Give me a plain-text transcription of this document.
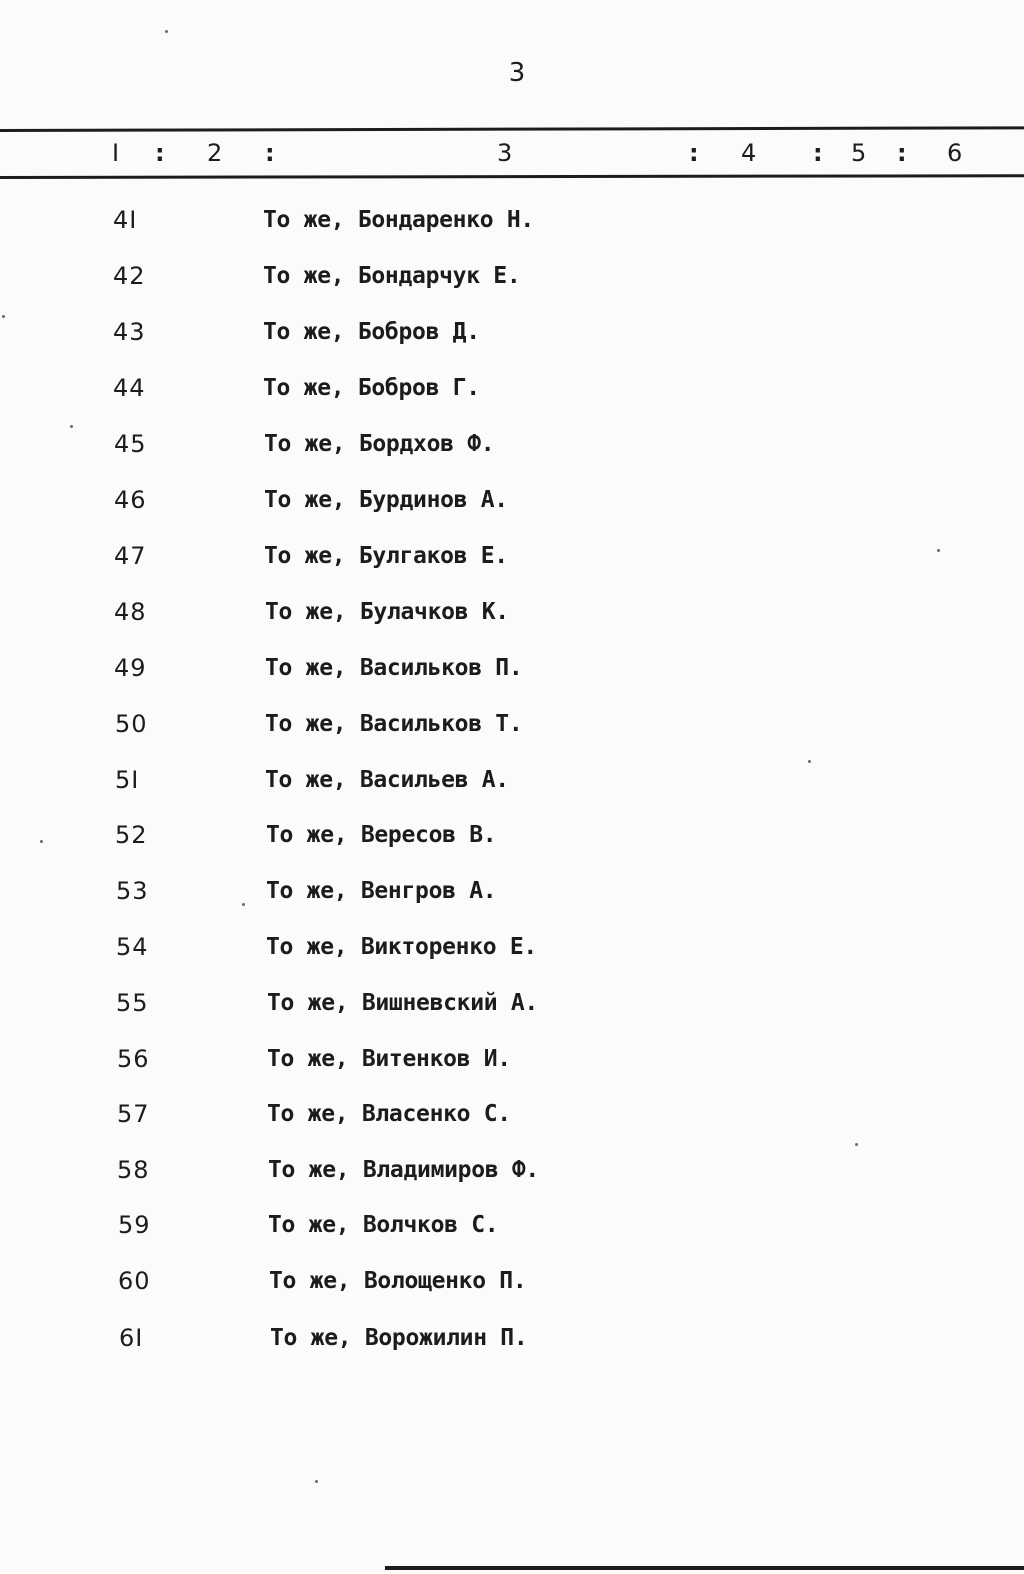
3
I : 2 :	3	: 4 : 5 : 6
4I	То же, Бондаренко Н.
42	То же, Бондарчук Е.
43	То же, Бобров Д.
44	То же, Бобров Г.
45	То же, Бордхов Ф.
46	То же, Бурдинов А.
47	То же, Булгаков Е.
48	То же, Булачков К.
49	То же, Васильков П.
50	То же, Васильков Т.
5I	То же, Васильев А.
52	То же, Вересов В.
53	То же, Венгров А.
54	То же, Викторенко Е.
55	То же, Вишневский А.
56	То же, Витенков И.
57	То же, Власенко С.
58	То же, Владимиров Ф.
59	То же, Волчков С.
60	То же, Волощенко П.
6I	То же, Ворожилин П.
